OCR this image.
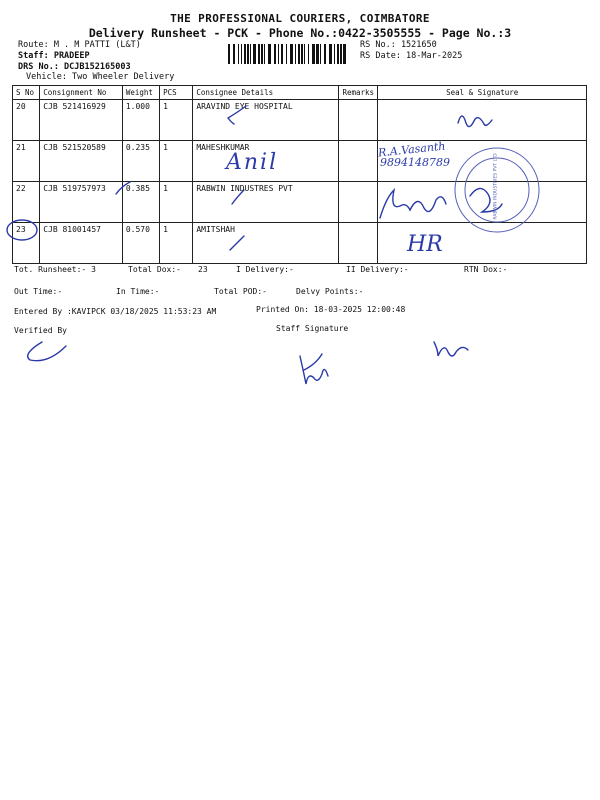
THE PROFESSIONAL COURIERS, COIMBATORE
Delivery Runsheet - PCK - Phone No.:0422-3505555 - Page No.:3
Route: M . M PATTI (L&T)
Staff: PRADEEP
DRS No.: DCJB152165003
Vehicle: Two Wheeler Delivery
RS No.: 1521650
RS Date: 18-Mar-2025
S No	Consignment No	Weight	PCS	Consignee Details	Remarks	Seal & Signature
20	CJB 521416929	1.000	1	ARAVIND EYE HOSPITAL		
21	CJB 521520589	0.235	1	MAHESHKUMAR		
22	CJB 519757973	0.385	1	RABWIN INDUSTRES PVT		
23	CJB 81001457	0.570	1	AMITSHAH		
Tot. Runsheet:- 3	Total Dox:- 23	I Delivery:-	II Delivery:-	RTN Dox:-
Out Time:-	In Time:-	Total POD:-	Delvy Points:-
Entered By :KAVIPCK 03/18/2025 11:53:23 AM	Printed On: 18-03-2025 12:00:48
Verified By	Staff Signature
Anil
R.A.Vasanth
9894148789
HR
RABWIN INDUSTRIES PVT LTD
